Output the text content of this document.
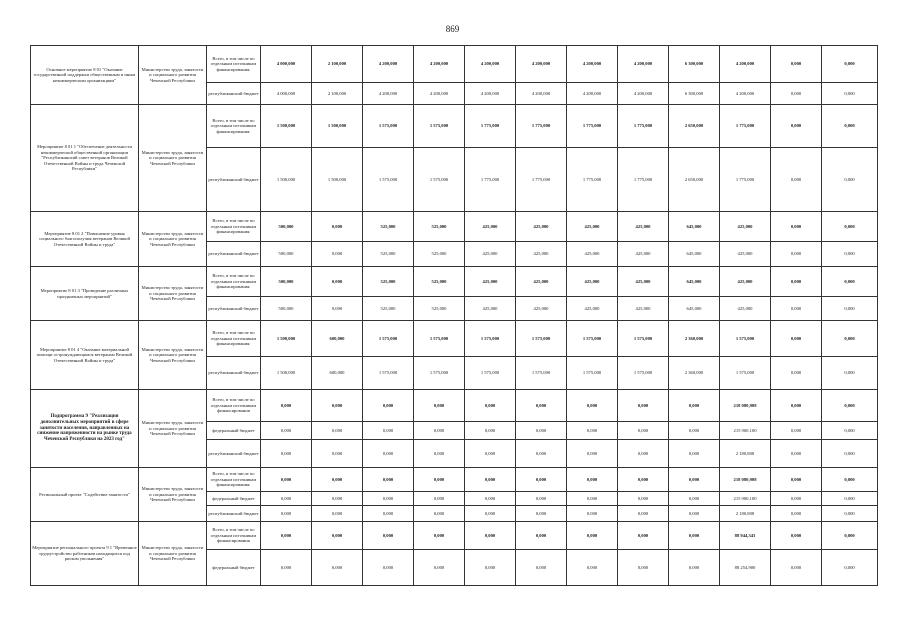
869
Основное мероприятие 8 01 "Оказание государственной поддержки общественным и иным некоммерческим организациям"	Министерство труда, занятости и социального развития Чеченской Республики	Всего, в том числе по отдельным источникам финансирования:	4 000,000	2 100,000	4 200,000	4 200,000	4 200,000	4 200,000	4 200,000	4 200,000	6 300,000	4 200,000	0,000	0,000
		республиканский бюджет	4 000,000	2 100,000	4 200,000	4 200,000	4 200,000	4 200,000	4 200,000	4 200,000	6 300,000	4 200,000	0,000	0,000
Мероприятие 8 01 1 "Обеспечение деятельности некоммерческой общественной организации "Республиканский совет ветеранов Великой Отечественной Войны и труда Чеченской Республики"	Министерство труда, занятости и социального развития Чеченской Республики	Всего, в том числе по отдельным источникам финансирования:	1 500,000	1 500,000	1 575,000	1 575,000	1 775,000	1 775,000	1 775,000	1 775,000	2 650,000	1 775,000	0,000	0,000
		республиканский бюджет	1 500,000	1 500,000	1 575,000	1 575,000	1 775,000	1 775,000	1 775,000	1 775,000	2 650,000	1 775,000	0,000	0,000
Мероприятие 8 01 2 "Повышение уровня социального благополучия ветеранов Великой Отечественной Войны и труда"	Министерство труда, занятости и социального развития Чеченской Республики	Всего, в том числе по отдельным источникам финансирования:	500,000	0,000	525,000	525,000	425,000	425,000	425,000	425,000	645,000	425,000	0,000	0,000
		республиканский бюджет	500,000	0,000	525,000	525,000	425,000	425,000	425,000	425,000	645,000	425,000	0,000	0,000
Мероприятие 8 01 3 "Проведение различных праздничных мероприятий"	Министерство труда, занятости и социального развития Чеченской Республики	Всего, в том числе по отдельным источникам финансирования:	500,000	0,000	525,000	525,000	425,000	425,000	425,000	425,000	645,000	425,000	0,000	0,000
		республиканский бюджет	500,000	0,000	525,000	525,000	425,000	425,000	425,000	425,000	645,000	425,000	0,000	0,000
Мероприятие 8 01 4 "Оказание материальной помощи остронуждающимся ветеранам Великой Отечественной Войны и труда"	Министерство труда, занятости и социального развития Чеченской Республики	Всего, в том числе по отдельным источникам финансирования:	1 500,000	600,000	1 575,000	1 575,000	1 575,000	1 575,000	1 575,000	1 575,000	2 360,000	1 575,000	0,000	0,000
		республиканский бюджет	1 500,000	600,000	1 575,000	1 575,000	1 575,000	1 575,000	1 575,000	1 575,000	2 360,000	1 575,000	0,000	0,000
Подпрограмма 9 "Реализация дополнительных мероприятий в сфере занятости населения, направленных на снижение напряженности на рынке труда Чеченской Республики на 2023 год"	Министерство труда, занятости и социального развития Чеченской Республики	Всего, в том числе по отдельным источникам финансирования	0,000	0,000	0,000	0,000	0,000	0,000	0,000	0,000	0,000	218 080,908	0,000	0,000
		федеральный бюджет	0,000	0,000	0,000	0,000	0,000	0,000	0,000	0,000	0,000	215 900,100	0,000	0,000
		республиканский бюджет	0,000	0,000	0,000	0,000	0,000	0,000	0,000	0,000	0,000	2 180,808	0,000	0,000
Региональный проект "Содействие занятости"	Министерство труда, занятости и социального развития Чеченской Республики	Всего, в том числе по отдельным источникам финансирования:	0,000	0,000	0,000	0,000	0,000	0,000	0,000	0,000	0,000	218 080,908	0,000	0,000
		федеральный бюджет	0,000	0,000	0,000	0,000	0,000	0,000	0,000	0,000	0,000	215 900,100	0,000	0,000
		республиканский бюджет	0,000	0,000	0,000	0,000	0,000	0,000	0,000	0,000	0,000	2 180,808	0,000	0,000
Мероприятие регионального проекта 9 1 "Временное трудоустройство работников находящихся под риском увольнения"	Министерство труда, занятости и социального развития Чеченской Республики	Всего, в том числе по отдельным источникам финансирования	0,000	0,000	0,000	0,000	0,000	0,000	0,000	0,000	0,000	88 944,343	0,000	0,000
		федеральный бюджет	0,000	0,000	0,000	0,000	0,000	0,000	0,000	0,000	0,000	88 254,900	0,000	0,000
